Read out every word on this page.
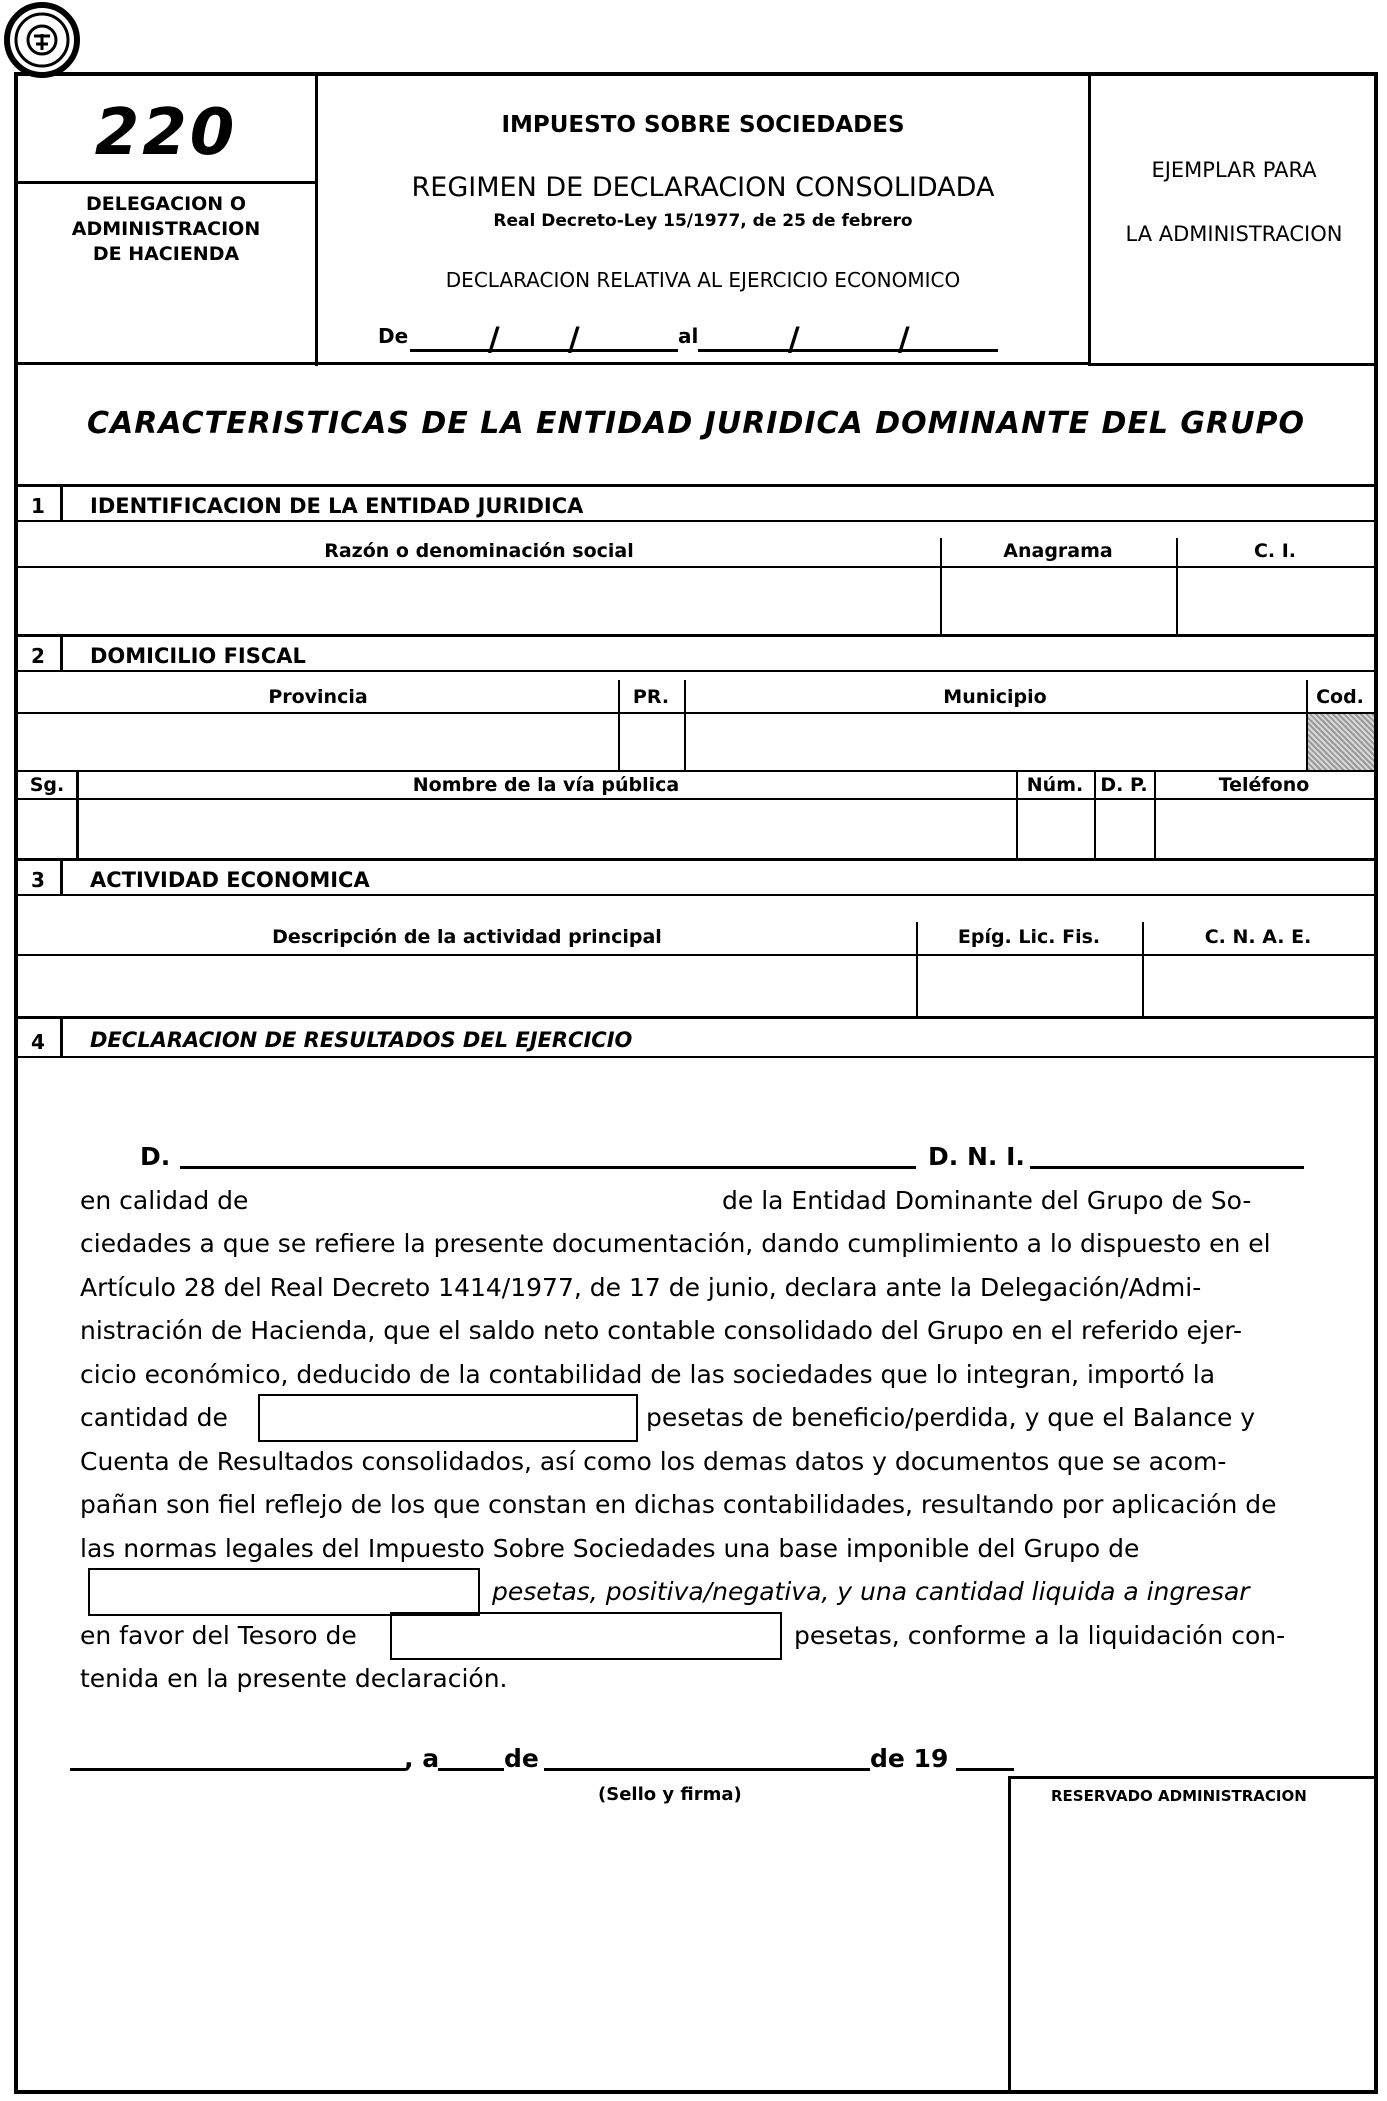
220
DELEGACION O
ADMINISTRACION
DE HACIENDA
IMPUESTO SOBRE SOCIEDADES
REGIMEN DE DECLARACION CONSOLIDADA
Real Decreto-Ley 15/1977, de 25 de febrero
DECLARACION RELATIVA AL EJERCICIO ECONOMICO
De / /	al	/	/
EJEMPLAR PARA
LA ADMINISTRACION
CARACTERISTICAS DE LA ENTIDAD JURIDICA DOMINANTE DEL GRUPO
1	IDENTIFICACION DE LA ENTIDAD JURIDICA
Razón o denominación social	Anagrama	C. I.
2	DOMICILIO FISCAL
Provincia	PR.	Municipio	Cod.
Sg.	Nombre de la vía pública	Núm. D. P.	Teléfono
3	ACTIVIDAD ECONOMICA
Descripción de la actividad principal	Epíg. Lic. Fis.	C. N. A. E.
4	DECLARACION DE RESULTADOS DEL EJERCICIO
D.	D. N. I.
en calidad de	de la Entidad Dominante del Grupo de So-
ciedades a que se refiere la presente documentación, dando cumplimiento a lo dispuesto en el
Artículo 28 del Real Decreto 1414/1977, de 17 de junio, declara ante la Delegación/Admi-
nistración de Hacienda, que el saldo neto contable consolidado del Grupo en el referido ejer-
cicio económico, deducido de la contabilidad de las sociedades que lo integran, importó la
cantidad de	pesetas de beneficio/perdida, y que el Balance y
Cuenta de Resultados consolidados, así como los demas datos y documentos que se acom-
pañan son fiel reflejo de los que constan en dichas contabilidades, resultando por aplicación de
las normas legales del Impuesto Sobre Sociedades una base imponible del Grupo de
pesetas, positiva/negativa, y una cantidad liquida a ingresar
en favor del Tesoro de	pesetas, conforme a la liquidación con-
tenida en la presente declaración.
RESERVADO ADMINISTRACION
, a	de	de 19
(Sello y firma)
